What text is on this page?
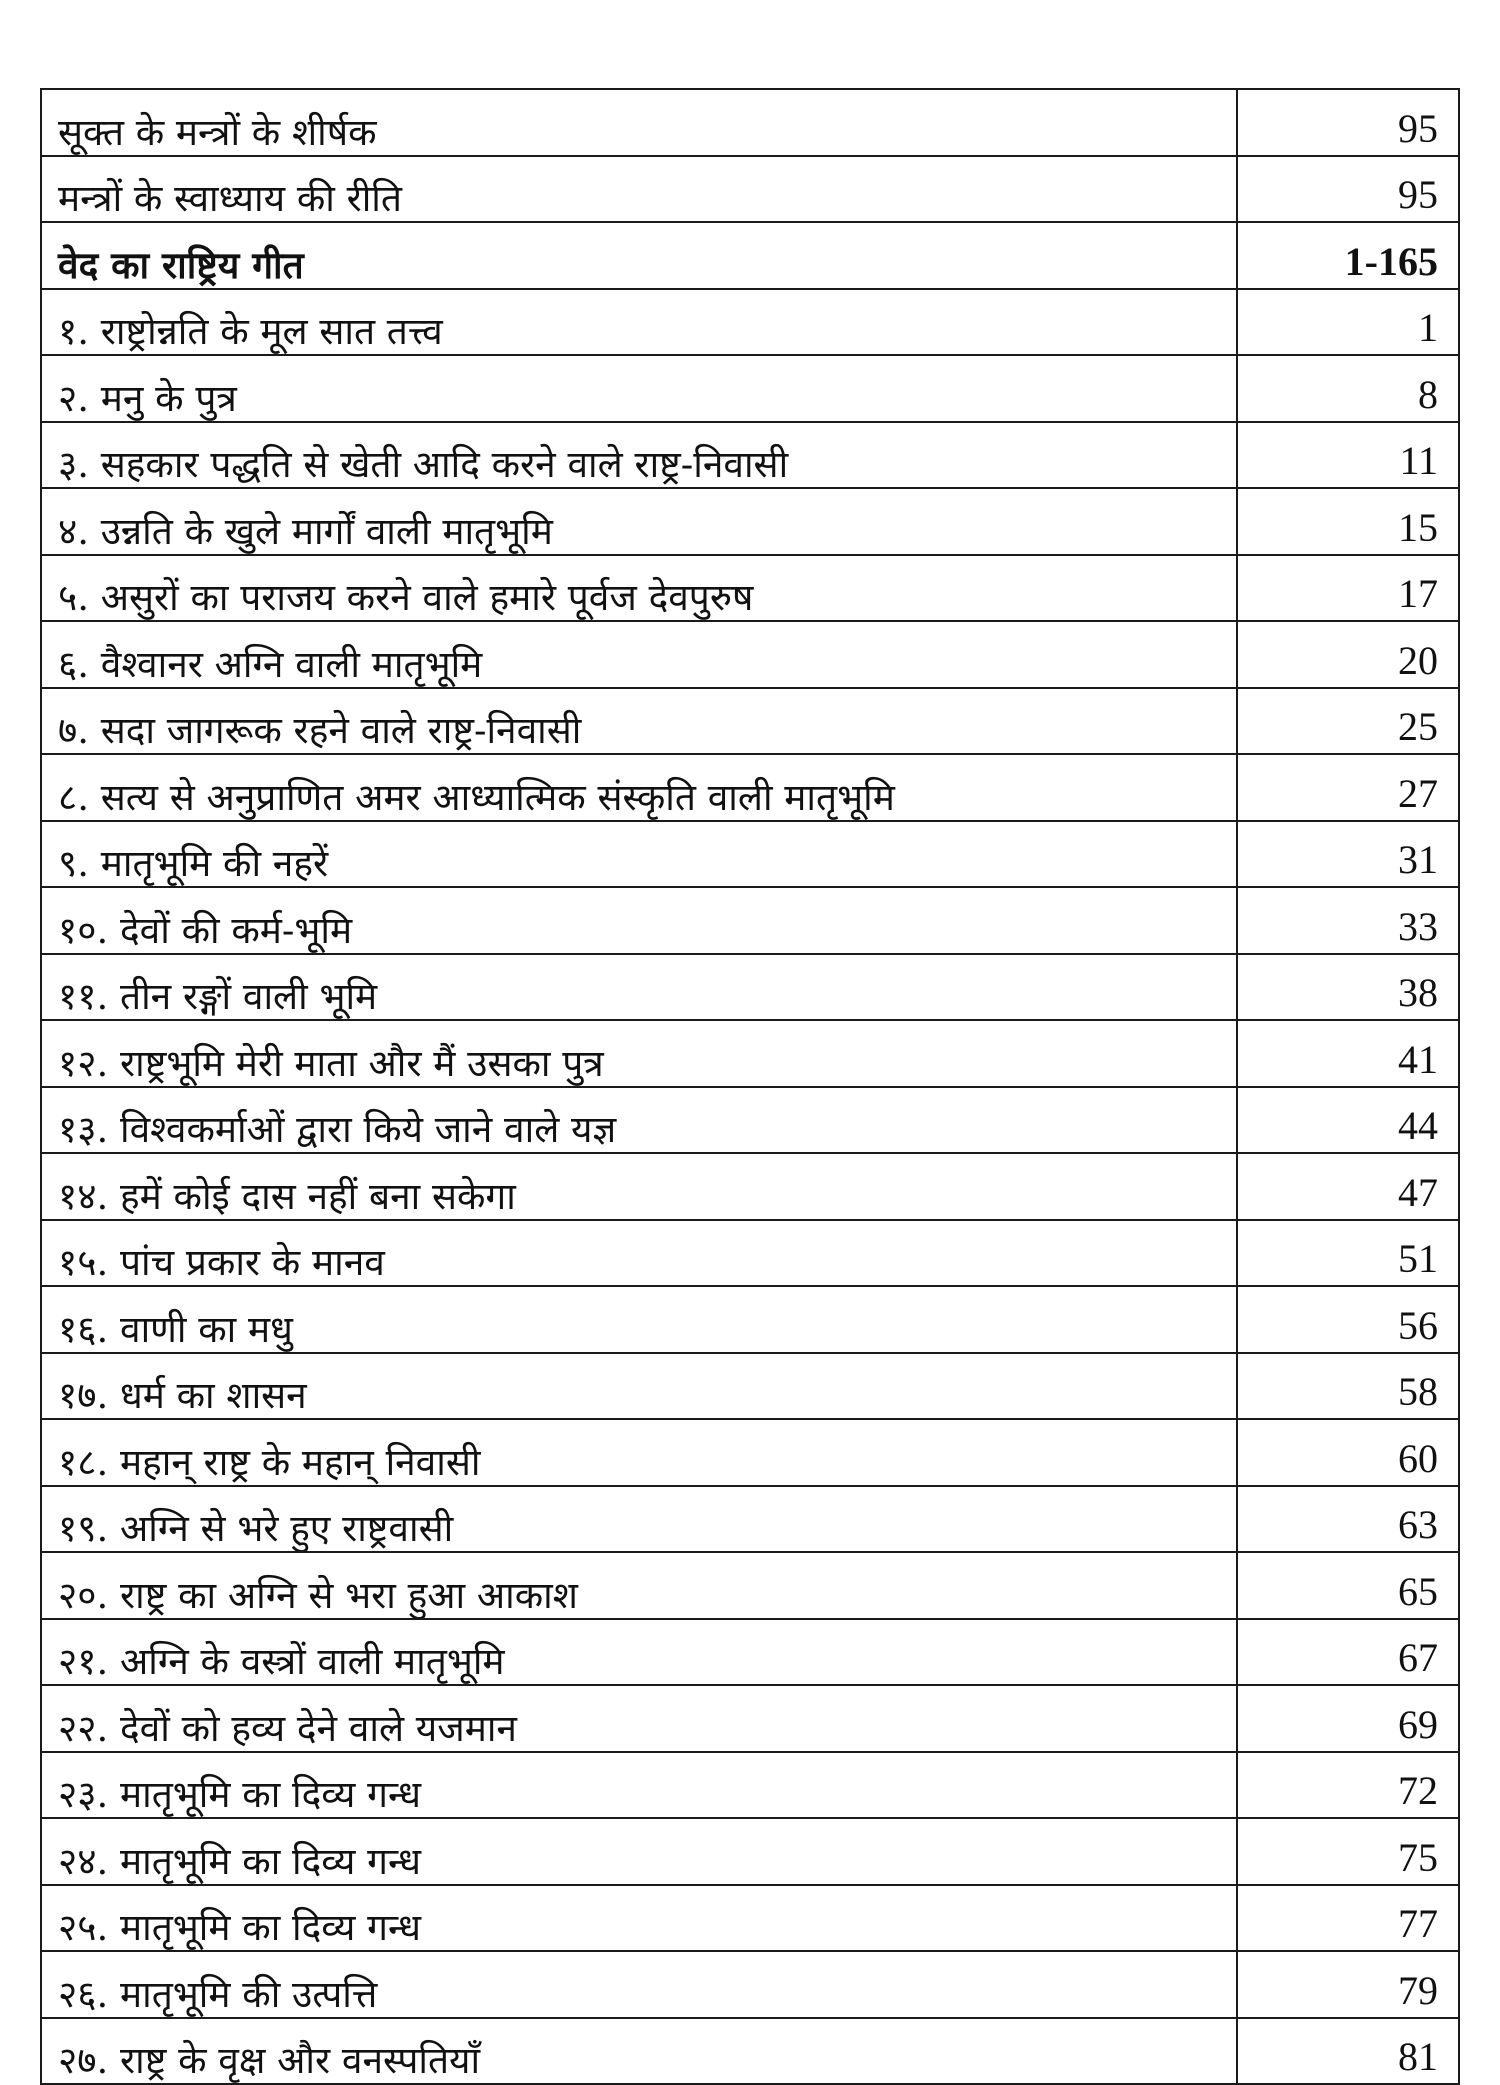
सूक्त के मन्त्रों के शीर्षक	95
मन्त्रों के स्वाध्याय की रीति	95
वेद का राष्ट्रिय गीत	1-165
१. राष्ट्रोन्नति के मूल सात तत्त्व	1
२. मनु के पुत्र	8
३. सहकार पद्धति से खेती आदि करने वाले राष्ट्र-निवासी	11
४. उन्नति के खुले मार्गों वाली मातृभूमि	15
५. असुरों का पराजय करने वाले हमारे पूर्वज देवपुरुष	17
६. वैश्वानर अग्नि वाली मातृभूमि	20
७. सदा जागरूक रहने वाले राष्ट्र-निवासी	25
८. सत्य से अनुप्राणित अमर आध्यात्मिक संस्कृति वाली मातृभूमि	27
९. मातृभूमि की नहरें	31
१०. देवों की कर्म-भूमि	33
११. तीन रङ्गों वाली भूमि	38
१२. राष्ट्रभूमि मेरी माता और मैं उसका पुत्र	41
१३. विश्वकर्माओं द्वारा किये जाने वाले यज्ञ	44
१४. हमें कोई दास नहीं बना सकेगा	47
१५. पांच प्रकार के मानव	51
१६. वाणी का मधु	56
१७. धर्म का शासन	58
१८. महान् राष्ट्र के महान् निवासी	60
१९. अग्नि से भरे हुए राष्ट्रवासी	63
२०. राष्ट्र का अग्नि से भरा हुआ आकाश	65
२१. अग्नि के वस्त्रों वाली मातृभूमि	67
२२. देवों को हव्य देने वाले यजमान	69
२३. मातृभूमि का दिव्य गन्ध	72
२४. मातृभूमि का दिव्य गन्ध	75
२५. मातृभूमि का दिव्य गन्ध	77
२६. मातृभूमि की उत्पत्ति	79
२७. राष्ट्र के वृक्ष और वनस्पतियाँ	81
